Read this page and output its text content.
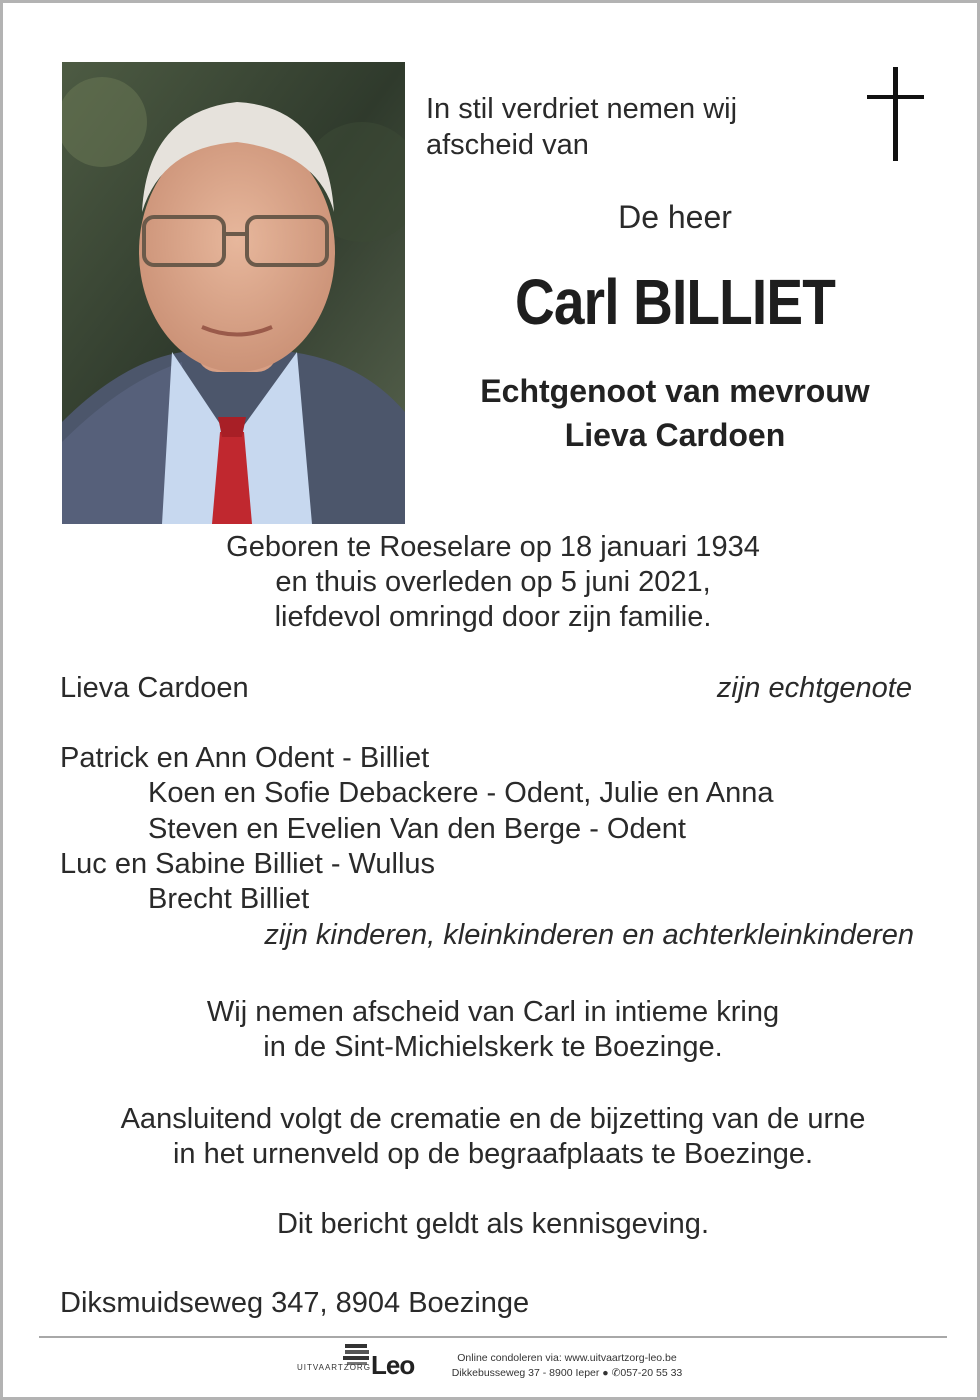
In stil verdriet nemen wij
afscheid van
De heer
Carl BILLIET
Echtgenoot van mevrouw
Lieva Cardoen
Geboren te Roeselare op 18 januari 1934
en thuis overleden op 5 juni 2021,
liefdevol omringd door zijn familie.
Lieva Cardoen	zijn echtgenote
Patrick en Ann Odent - Billiet
Koen en Sofie Debackere - Odent, Julie en Anna
Steven en Evelien Van den Berge - Odent
Luc en Sabine Billiet - Wullus
Brecht Billiet
zijn kinderen, kleinkinderen en achterkleinkinderen
Wij nemen afscheid van Carl in intieme kring
in de Sint-Michielskerk te Boezinge.
Aansluitend volgt de crematie en de bijzetting van de urne
in het urnenveld op de begraafplaats te Boezinge.
Dit bericht geldt als kennisgeving.
Diksmuidseweg 347, 8904 Boezinge
UITVAARTZORG Leo	Online condoleren via: www.uitvaartzorg-leo.be
Dikkebusseweg 37 - 8900 Ieper ● ✆057-20 55 33
